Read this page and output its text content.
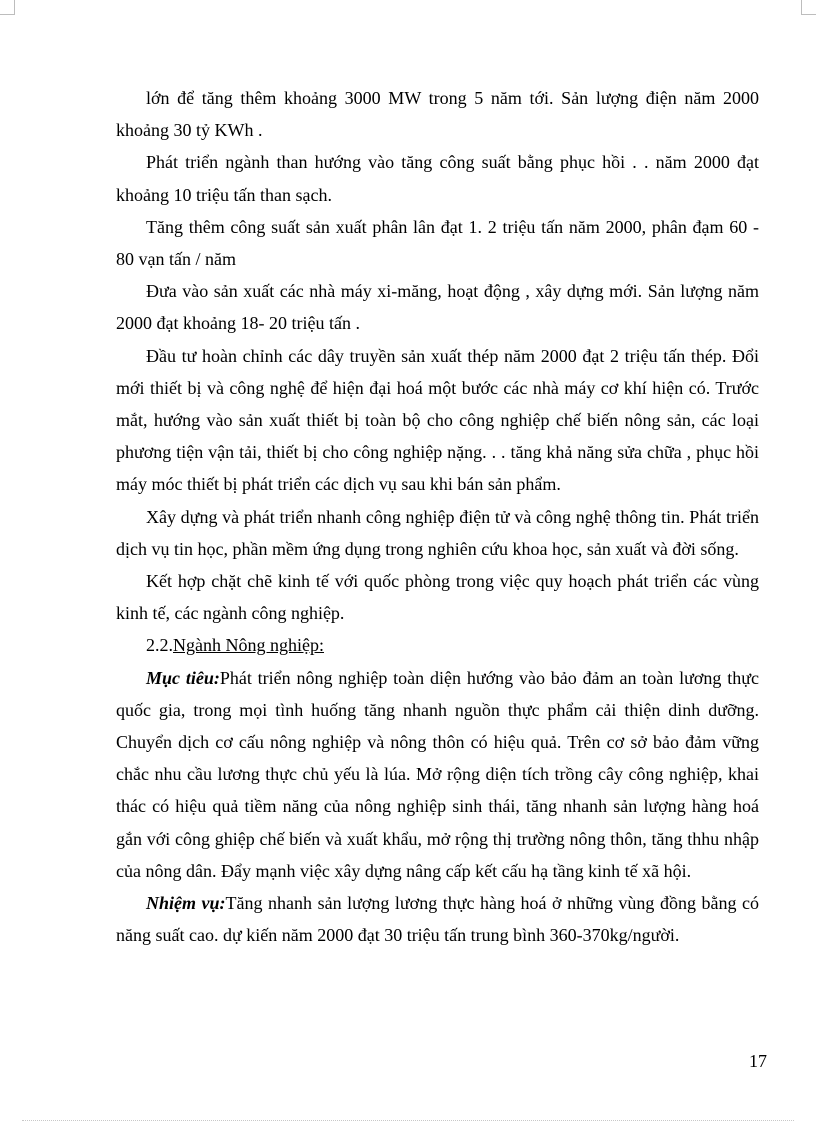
lớn để tăng thêm khoảng 3000 MW trong 5 năm tới. Sản lượng điện năm 2000 khoảng 30 tỷ KWh .

Phát triển ngành than hướng vào tăng công suất bằng phục hồi . . năm 2000 đạt khoảng 10 triệu tấn than sạch.

Tăng thêm công suất sản xuất phân lân đạt 1. 2 triệu tấn năm 2000, phân đạm 60 - 80 vạn tấn / năm

Đưa vào sản xuất các nhà máy xi-măng, hoạt động , xây dựng mới. Sản lượng năm 2000 đạt khoảng 18- 20 triệu tấn .

Đầu tư hoàn chỉnh các dây truyền sản xuất thép năm 2000 đạt 2 triệu tấn thép. Đổi mới thiết bị và công nghệ để hiện đại hoá một bước các nhà máy cơ khí hiện có. Trước mắt, hướng vào sản xuất thiết bị toàn bộ cho công nghiệp chế biến nông sản, các loại phương tiện vận tải, thiết bị cho công nghiệp nặng. . . tăng khả năng sửa chữa , phục hồi máy móc thiết bị phát triển các dịch vụ sau khi bán sản phẩm.

Xây dựng và phát triển nhanh công nghiệp điện tử và công nghệ thông tin. Phát triển dịch vụ tin học, phần mềm ứng dụng trong nghiên cứu khoa học, sản xuất và đời sống.

Kết hợp chặt chẽ kinh tế với quốc phòng trong việc quy hoạch phát triển các vùng kinh tế, các ngành công nghiệp.

2.2.Ngành Nông nghiệp:

Mục tiêu:Phát triển nông nghiệp toàn diện hướng vào bảo đảm an toàn lương thực quốc gia, trong mọi tình huống tăng nhanh nguồn thực phẩm cải thiện dinh dưỡng. Chuyển dịch cơ cấu nông nghiệp và nông thôn có hiệu quả. Trên cơ sở bảo đảm vững chắc nhu cầu lương thực chủ yếu là lúa. Mở rộng diện tích trồng cây công nghiệp, khai thác có hiệu quả tiềm năng của nông nghiệp sinh thái, tăng nhanh sản lượng hàng hoá gắn với công ghiệp chế biến và xuất khẩu, mở rộng thị trường nông thôn, tăng thhu nhập của nông dân. Đẩy mạnh việc xây dựng nâng cấp kết cấu hạ tầng kinh tế xã hội.

Nhiệm vụ:Tăng nhanh sản lượng lương thực hàng hoá ở những vùng đồng bằng có năng suất cao. dự kiến năm 2000 đạt 30 triệu tấn trung bình 360-370kg/người.

17
